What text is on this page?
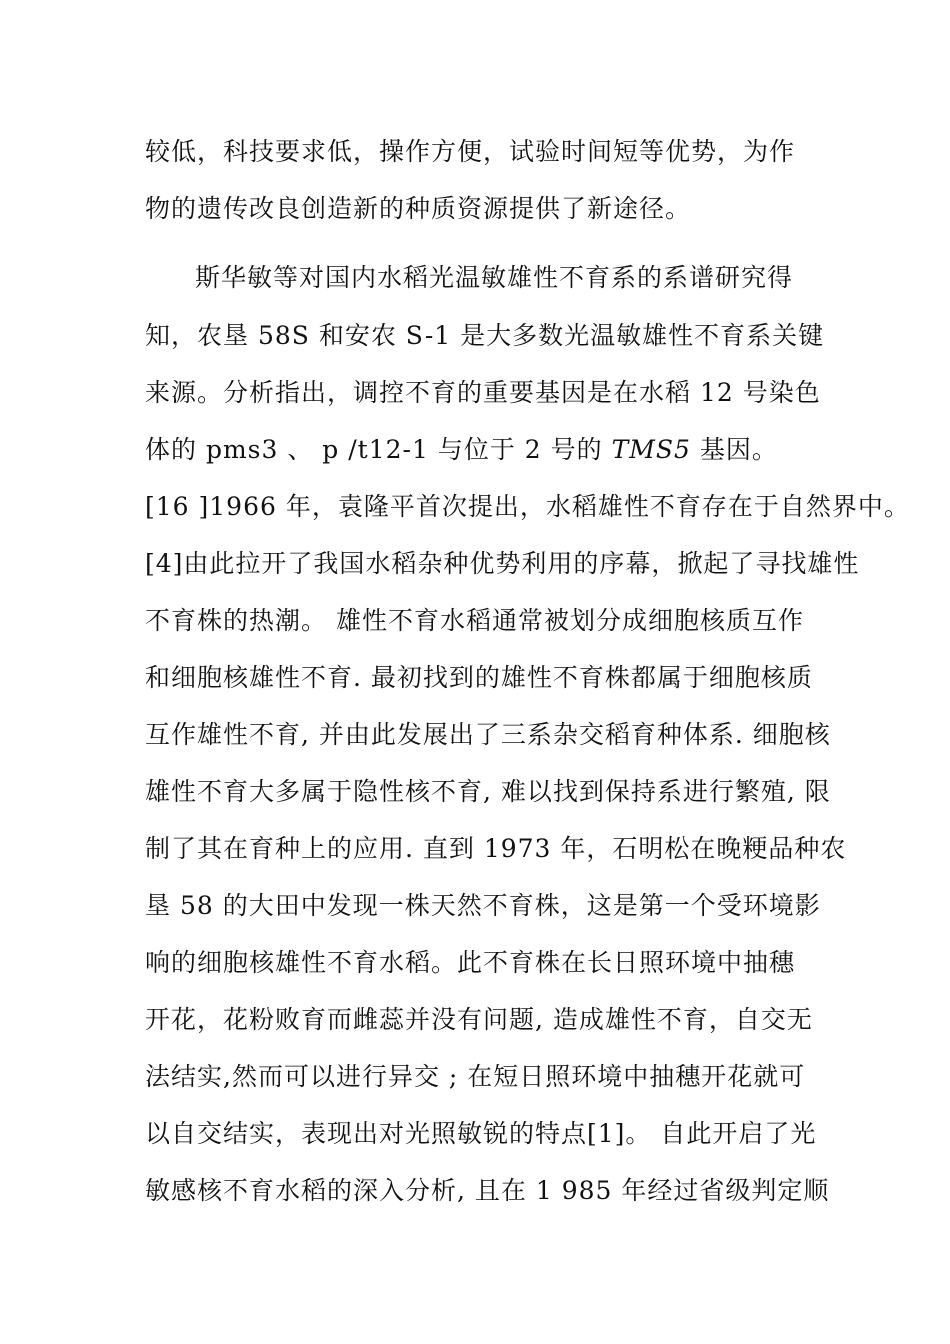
较低，科技要求低，操作方便，试验时间短等优势，为作
物的遗传改良创造新的种质资源提供了新途径。
斯华敏等对国内水稻光温敏雄性不育系的系谱研究得
知，农垦 58S 和安农 S-1 是大多数光温敏雄性不育系关键
来源。分析指出，调控不育的重要基因是在水稻 12 号染色
体的 pms3 、 p /t12-1 与位于 2 号的 TMS5 基因。
[16 ]1966 年，袁隆平首次提出，水稻雄性不育存在于自然界中。
[4]由此拉开了我国水稻杂种优势利用的序幕，掀起了寻找雄性
不育株的热潮。 雄性不育水稻通常被划分成细胞核质互作
和细胞核雄性不育. 最初找到的雄性不育株都属于细胞核质
互作雄性不育, 并由此发展出了三系杂交稻育种体系. 细胞核
雄性不育大多属于隐性核不育, 难以找到保持系进行繁殖, 限
制了其在育种上的应用. 直到 1973 年，石明松在晚粳品种农
垦 58 的大田中发现一株天然不育株，这是第一个受环境影
响的细胞核雄性不育水稻。此不育株在长日照环境中抽穗
开花，花粉败育而雌蕊并没有问题, 造成雄性不育，自交无
法结实,然而可以进行异交 ; 在短日照环境中抽穗开花就可
以自交结实，表现出对光照敏锐的特点[1]。 自此开启了光
敏感核不育水稻的深入分析, 且在 1 985 年经过省级判定顺
